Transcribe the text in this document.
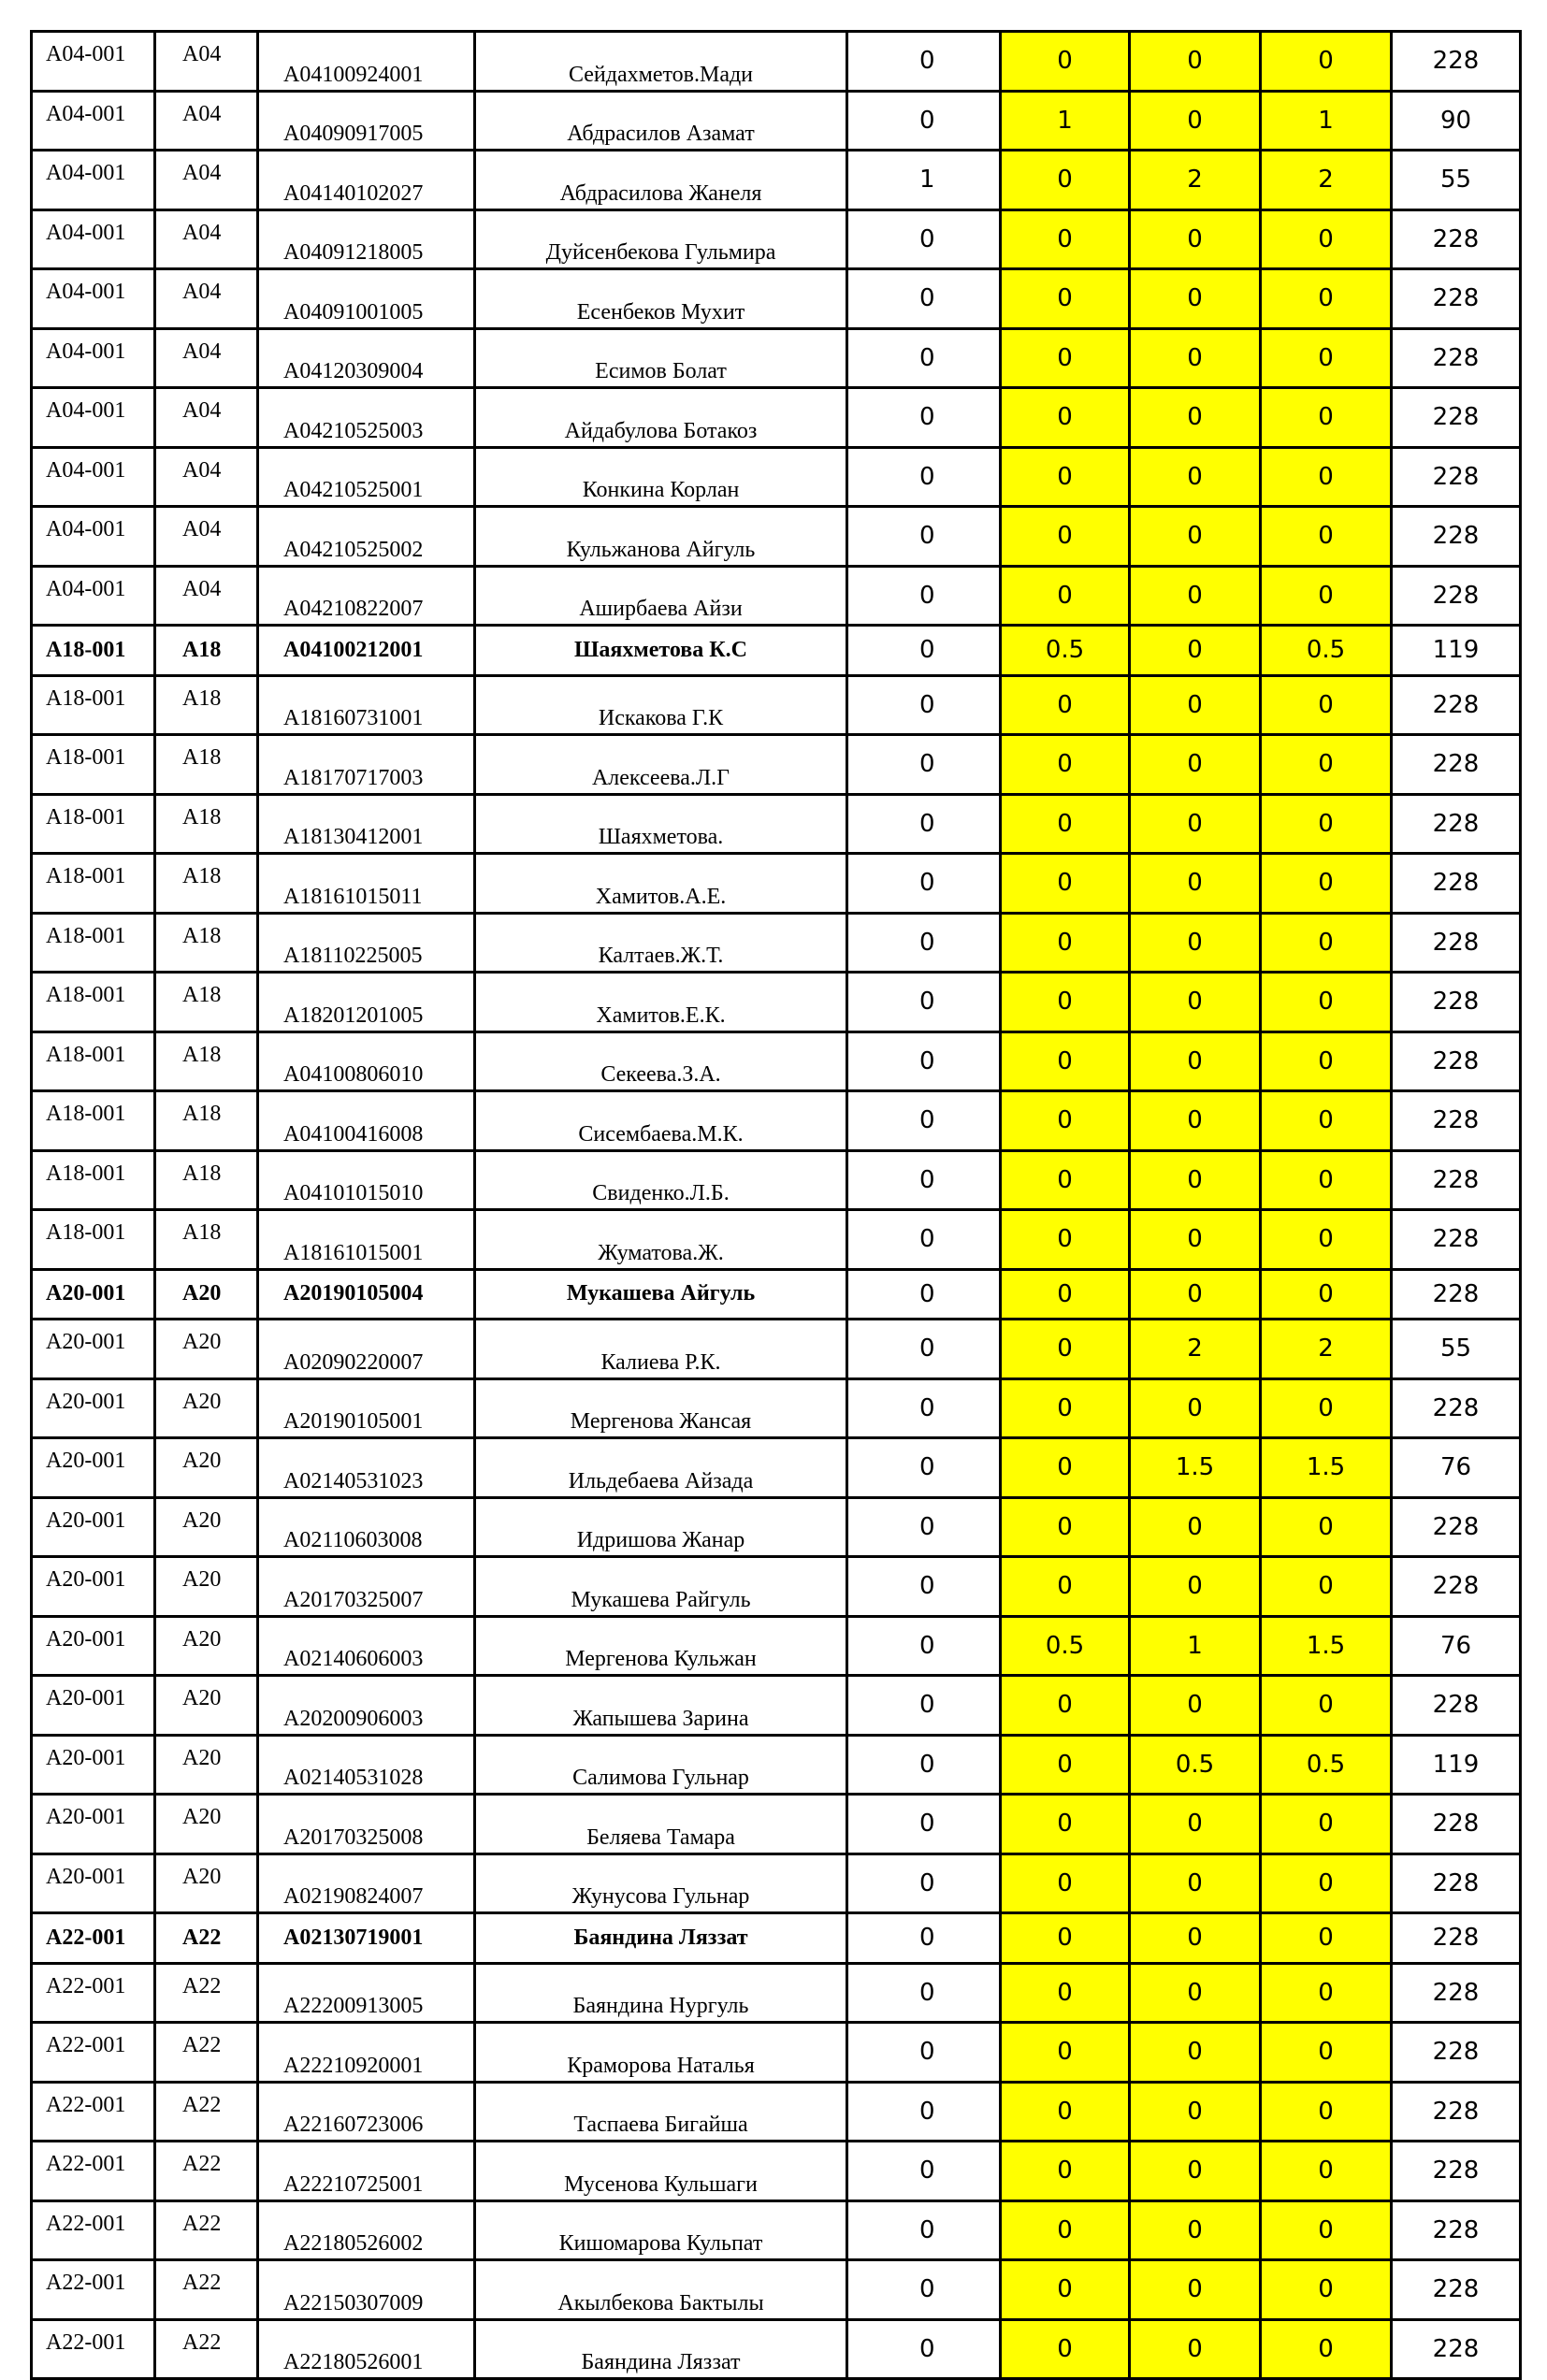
A04-001	A04	A04100924001	Сейдахметов.Мади	0	0	0	0	228
A04-001	A04	A04090917005	Абдрасилов Азамат	0	1	0	1	90
A04-001	A04	A04140102027	Абдрасилова Жанеля	1	0	2	2	55
A04-001	A04	A04091218005	Дуйсенбекова Гульмира	0	0	0	0	228
A04-001	A04	A04091001005	Есенбеков Мухит	0	0	0	0	228
A04-001	A04	A04120309004	Есимов Болат	0	0	0	0	228
A04-001	A04	A04210525003	Айдабулова Ботакоз	0	0	0	0	228
A04-001	A04	A04210525001	Конкина Корлан	0	0	0	0	228
A04-001	A04	A04210525002	Кульжанова Айгуль	0	0	0	0	228
A04-001	A04	A04210822007	Аширбаева Айзи	0	0	0	0	228
A18-001	A18	A04100212001	Шаяхметова К.С	0	0.5	0	0.5	119
A18-001	A18	A18160731001	Искакова Г.К	0	0	0	0	228
A18-001	A18	A18170717003	Алексеева.Л.Г	0	0	0	0	228
A18-001	A18	A18130412001	Шаяхметова.	0	0	0	0	228
A18-001	A18	A18161015011	Хамитов.А.Е.	0	0	0	0	228
A18-001	A18	A18110225005	Калтаев.Ж.Т.	0	0	0	0	228
A18-001	A18	A18201201005	Хамитов.Е.К.	0	0	0	0	228
A18-001	A18	A04100806010	Секеева.З.А.	0	0	0	0	228
A18-001	A18	A04100416008	Сисембаева.М.К.	0	0	0	0	228
A18-001	A18	A04101015010	Свиденко.Л.Б.	0	0	0	0	228
A18-001	A18	A18161015001	Жуматова.Ж.	0	0	0	0	228
A20-001	A20	A20190105004	Мукашева Айгуль	0	0	0	0	228
A20-001	A20	A02090220007	Калиева Р.К.	0	0	2	2	55
A20-001	A20	A20190105001	Мергенова Жансая	0	0	0	0	228
A20-001	A20	A02140531023	Ильдебаева Айзада	0	0	1.5	1.5	76
A20-001	A20	A02110603008	Идришова Жанар	0	0	0	0	228
A20-001	A20	A20170325007	Мукашева Райгуль	0	0	0	0	228
A20-001	A20	A02140606003	Мергенова Кульжан	0	0.5	1	1.5	76
A20-001	A20	A20200906003	Жапышева Зарина	0	0	0	0	228
A20-001	A20	A02140531028	Салимова Гульнар	0	0	0.5	0.5	119
A20-001	A20	A20170325008	Беляева Тамара	0	0	0	0	228
A20-001	A20	A02190824007	Жунусова Гульнар	0	0	0	0	228
A22-001	A22	A02130719001	Баяндина Ляззат	0	0	0	0	228
A22-001	A22	A22200913005	Баяндина Нургуль	0	0	0	0	228
A22-001	A22	A22210920001	Краморова Наталья	0	0	0	0	228
A22-001	A22	A22160723006	Таспаева Бигайша	0	0	0	0	228
A22-001	A22	A22210725001	Мусенова Кульшаги	0	0	0	0	228
A22-001	A22	A22180526002	Кишомарова Кульпат	0	0	0	0	228
A22-001	A22	A22150307009	Акылбекова Бактылы	0	0	0	0	228
A22-001	A22	A22180526001	Баяндина Ляззат	0	0	0	0	228
